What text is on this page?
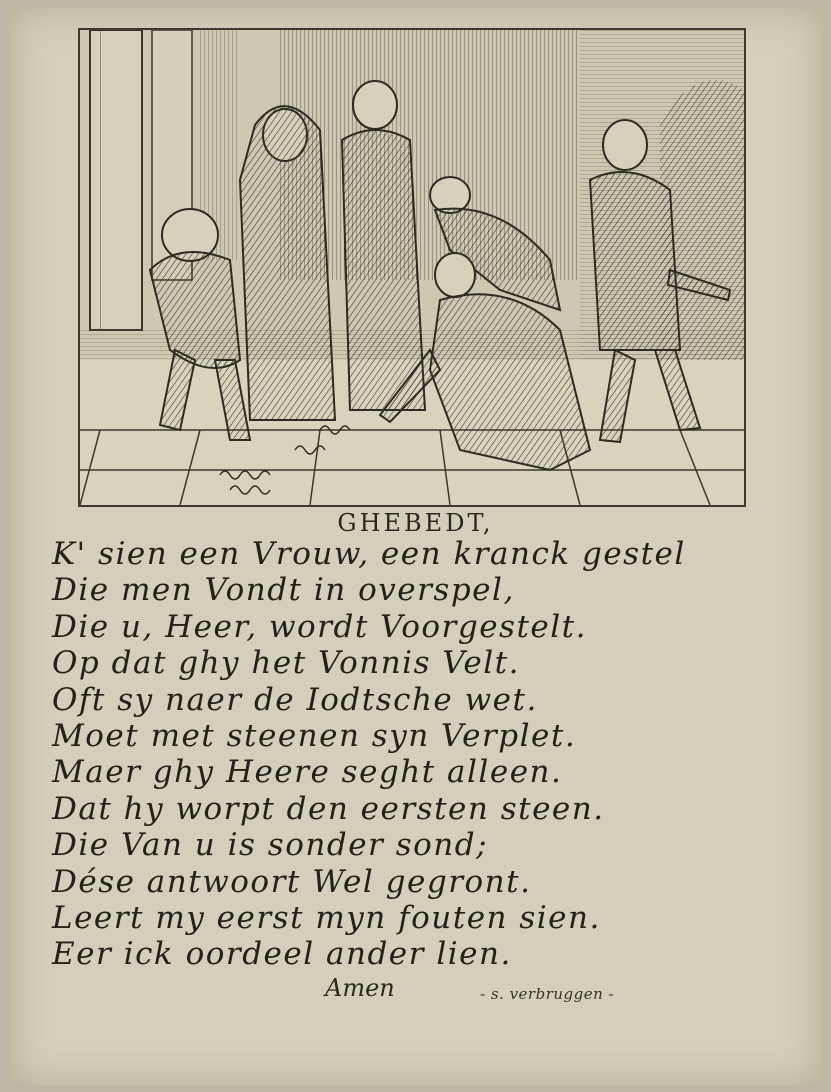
GHEBEDT,
K' sien een Vrouw, een kranck gestel
Die men Vondt in overspel,
Die u, Heer, wordt Voorgestelt.
Op dat ghy het Vonnis Velt.
Oft sy naer de Iodtsche wet.
Moet met steenen syn Verplet.
Maer ghy Heere seght alleen.
Dat hy worpt den eersten steen.
Die Van u is sonder sond;
Dése antwoort Wel gegront.
Leert my eerst myn fouten sien.
Eer ick oordeel ander lien.
Amen	- s. verbruggen -
